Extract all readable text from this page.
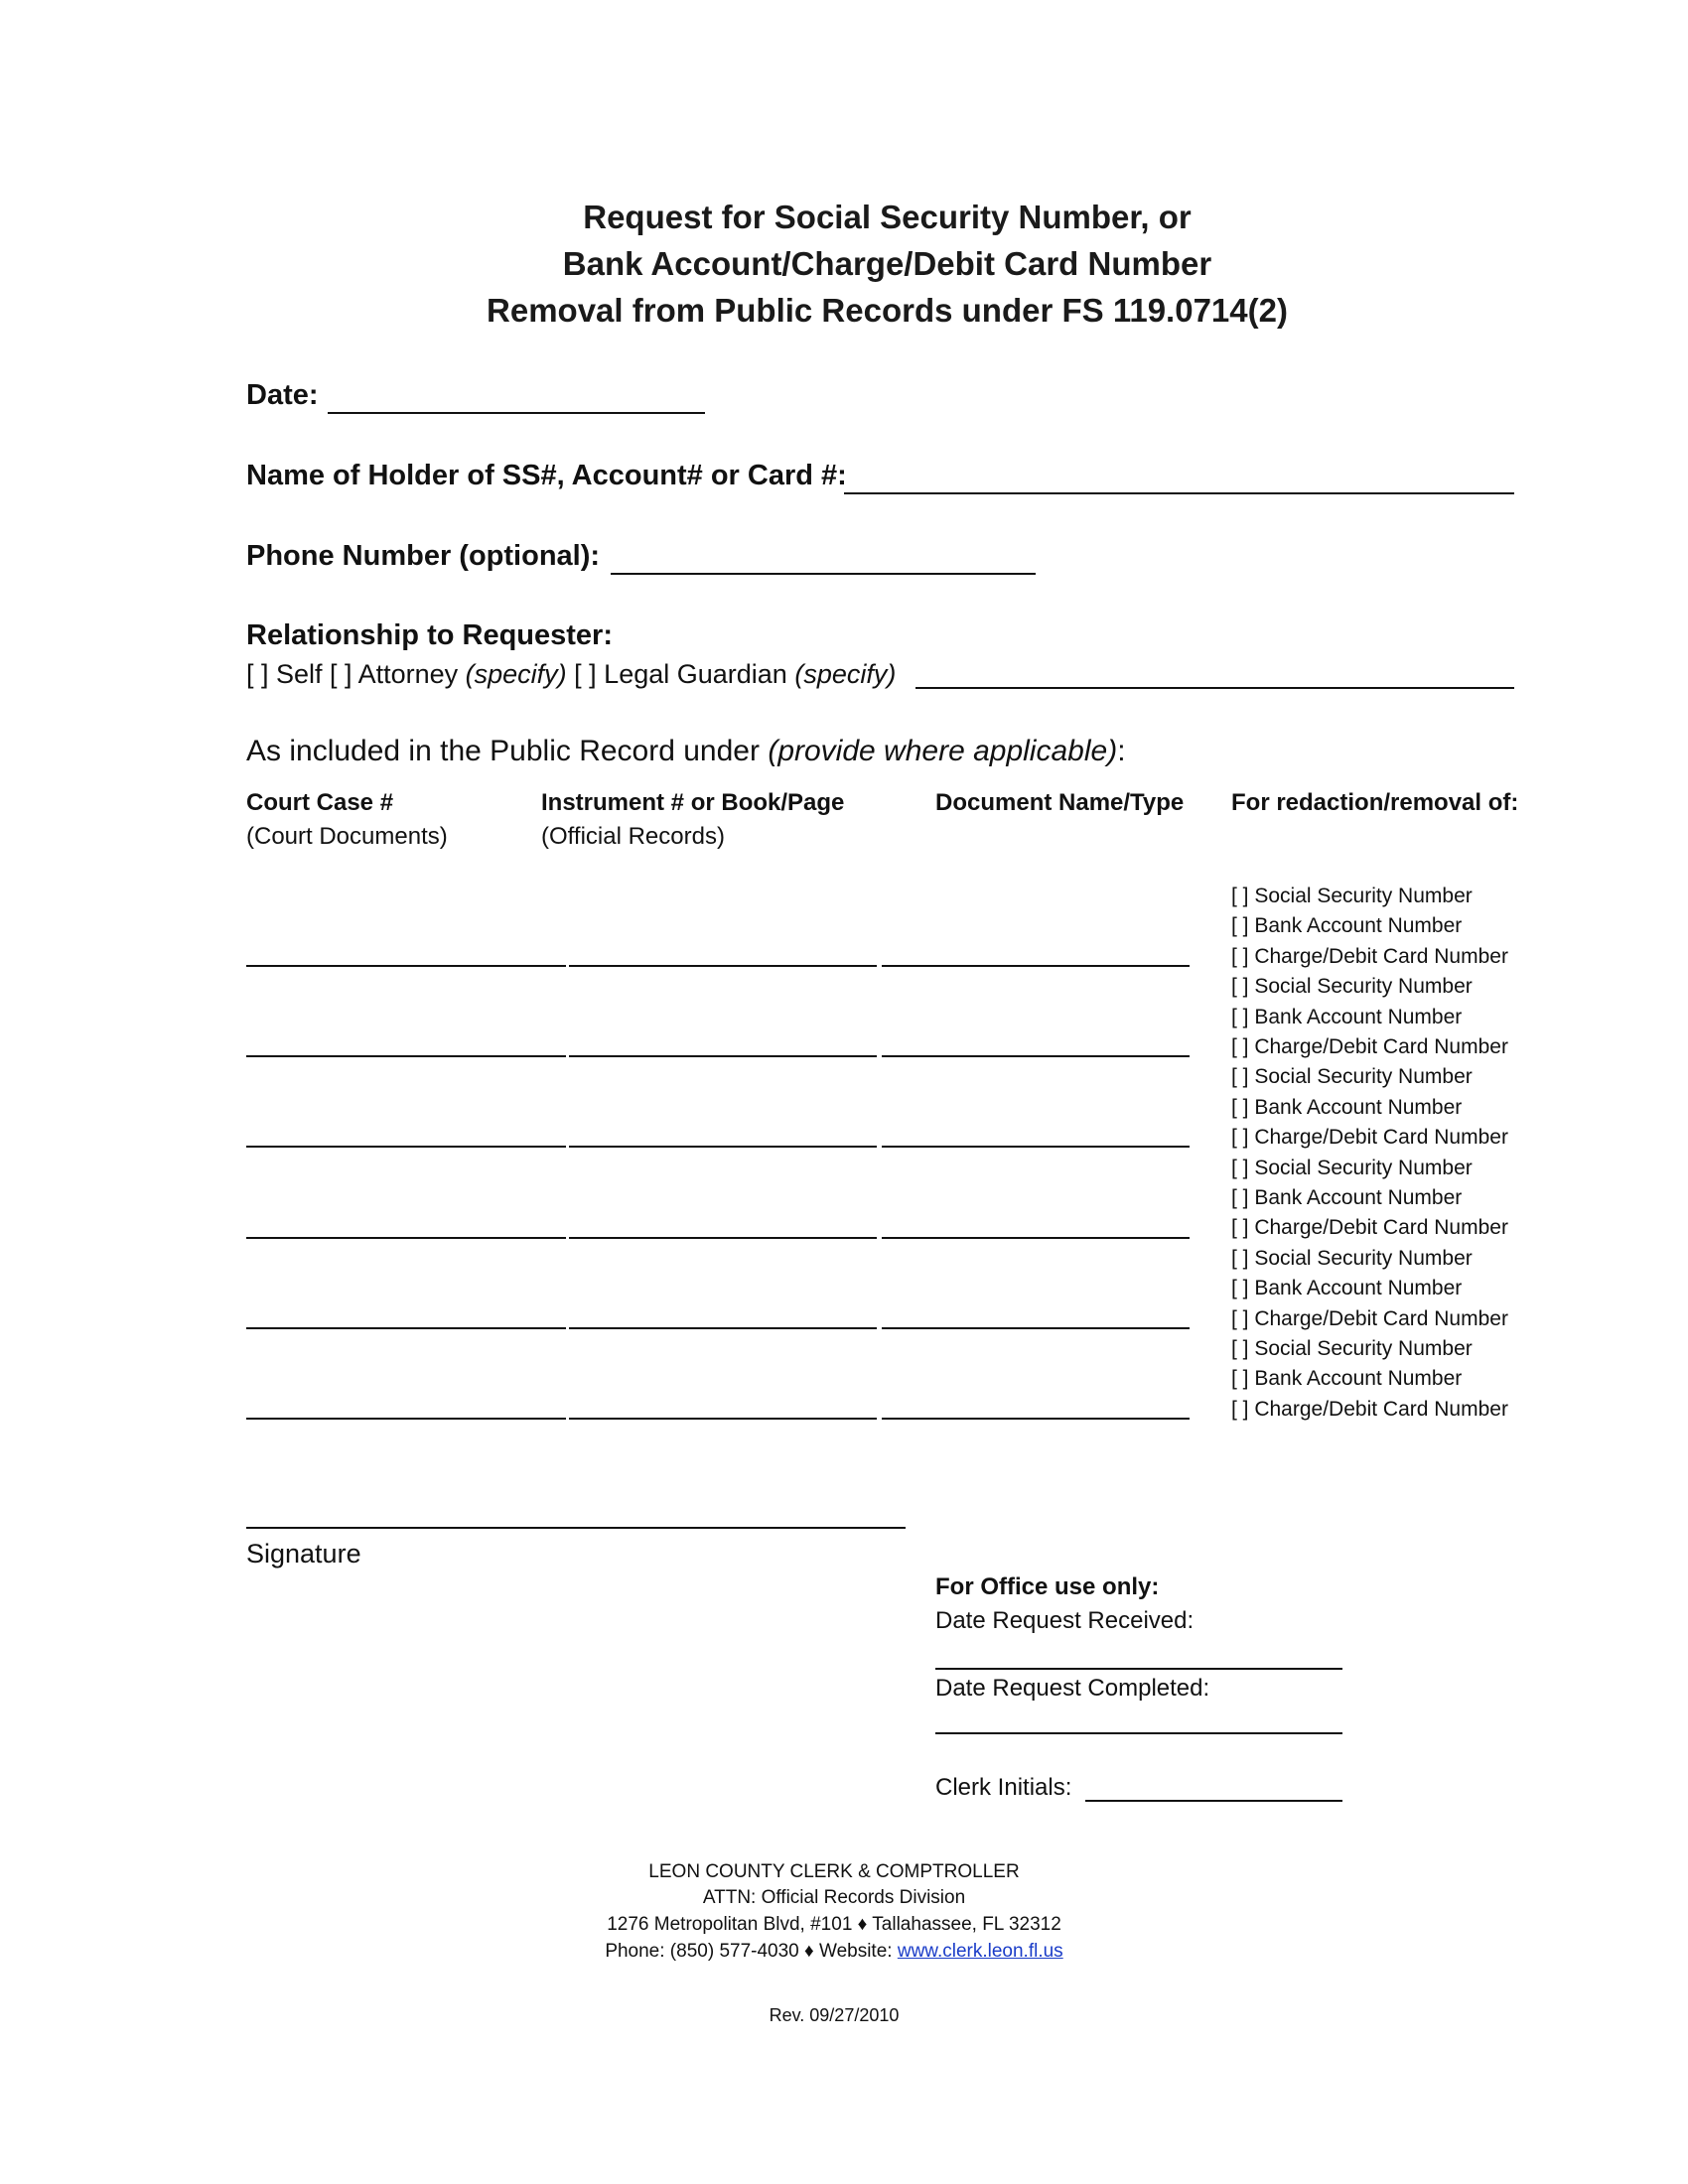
Request for Social Security Number, or
Bank Account/Charge/Debit Card Number
Removal from Public Records under FS 119.0714(2)
Date:
Name of Holder of SS#, Account# or Card #:
Phone Number (optional):
Relationship to Requester:
[ ] Self [ ] Attorney (specify) [ ] Legal Guardian (specify)
As included in the Public Record under (provide where applicable):
Court Case #
(Court Documents)
Instrument # or Book/Page
(Official Records)
Document Name/Type For redaction/removal of:
[ ] Social Security Number
[ ] Bank Account Number
[ ] Charge/Debit Card Number
[ ] Social Security Number
[ ] Bank Account Number
[ ] Charge/Debit Card Number
[ ] Social Security Number
[ ] Bank Account Number
[ ] Charge/Debit Card Number
[ ] Social Security Number
[ ] Bank Account Number
[ ] Charge/Debit Card Number
[ ] Social Security Number
[ ] Bank Account Number
[ ] Charge/Debit Card Number
[ ] Social Security Number
[ ] Bank Account Number
[ ] Charge/Debit Card Number
Signature
For Office use only:
Date Request Received:
Date Request Completed:
Clerk Initials:
LEON COUNTY CLERK & COMPTROLLER
ATTN: Official Records Division
1276 Metropolitan Blvd, #101 ♦ Tallahassee, FL 32312
Phone: (850) 577-4030 ♦ Website: www.clerk.leon.fl.us
Rev. 09/27/2010
